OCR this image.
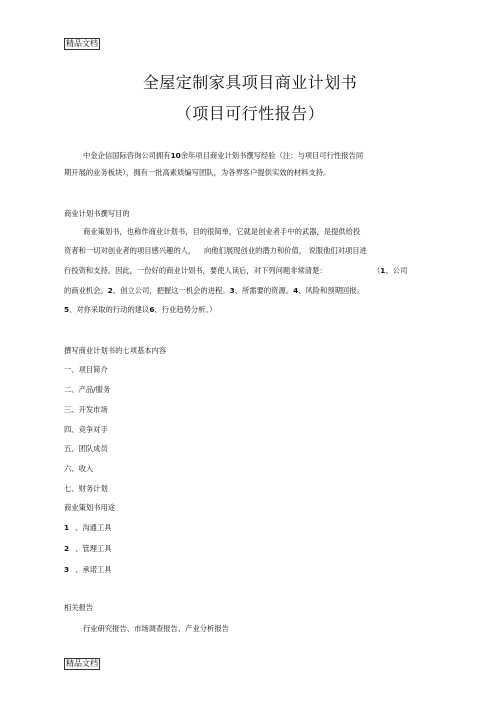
精品文档
全屋定制家具项目商业计划书
（项目可行性报告）
中金企信国际咨询公司拥有10余年项目商业计划书撰写经验（注：与项目可行性报告同
期开展的业务板块），拥有一批高素质编写团队，为各界客户提供实效的材料支持。
商业计划书撰写目的
商业策划书，也称作商业计划书，目的很简单，它就是创业者手中的武器，是提供给投
资者和一切对创业者的项目感兴趣的人， 向他们展现创业的潜力和价值， 说服他们对项目进
行投资和支持。因此，一份好的商业计划书，要使人读后，对下列问题非常清楚：	（1、公司
的商业机会。2、创立公司，把握这一机会的进程。3、所需要的资源。4、风险和预期回报。
5、对你采取的行动的建议6、行业趋势分析。）
撰写商业计划书的七项基本内容
一、项目简介
二、产品/服务
三、开发市场
四、竞争对手
五、团队成员
六、收入
七、财务计划
商业策划书用途
1 、沟通工具
2 、管理工具
3 、承诺工具
相关报告
行业研究报告、市场调查报告、产业分析报告
精品文档
